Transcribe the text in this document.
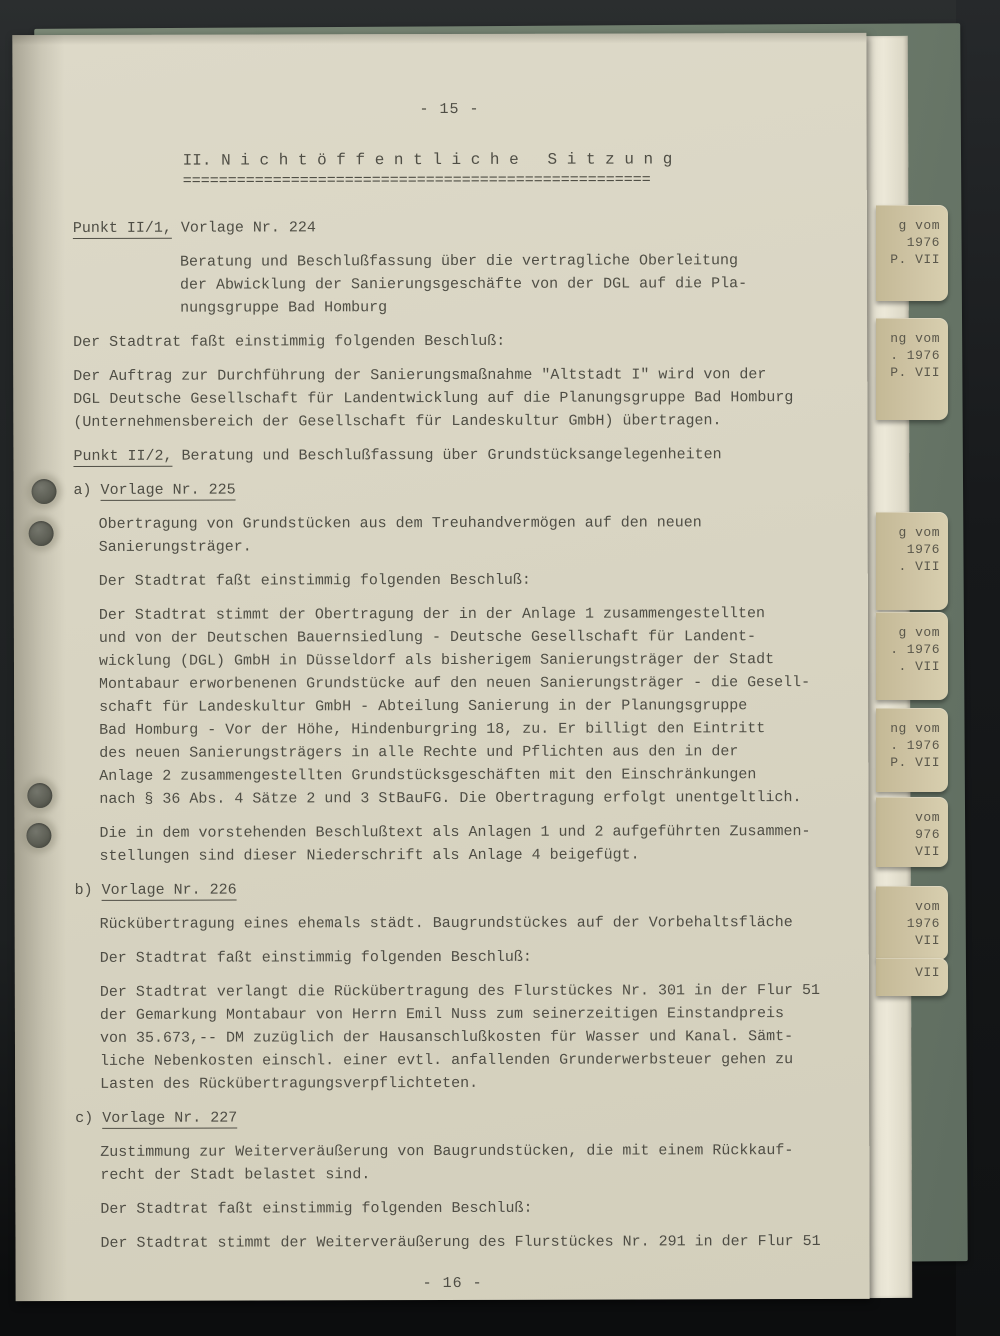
g vom
1976
P. VII
ng vom
. 1976
P. VII
g vom
1976
. VII
g vom
. 1976
. VII
ng vom
. 1976
P. VII
vom
976
VII
vom
1976
VII
VII
- 15 -
II. N i c h t ö f f e n t l i c h e   S i t z u n g
====================================================
Punkt II/1, Vorlage Nr. 224
Beratung und Beschlußfassung über die vertragliche Oberleitung
der Abwicklung der Sanierungsgeschäfte von der DGL auf die Pla-
nungsgruppe Bad Homburg
Der Stadtrat faßt einstimmig folgenden Beschluß:
Der Auftrag zur Durchführung der Sanierungsmaßnahme "Altstadt I" wird von der
DGL Deutsche Gesellschaft für Landentwicklung auf die Planungsgruppe Bad Homburg
(Unternehmensbereich der Gesellschaft für Landeskultur GmbH) übertragen.
Punkt II/2, Beratung und Beschlußfassung über Grundstücksangelegenheiten
a) Vorlage Nr. 225
Obertragung von Grundstücken aus dem Treuhandvermögen auf den neuen
Sanierungsträger.
Der Stadtrat faßt einstimmig folgenden Beschluß:
Der Stadtrat stimmt der Obertragung der in der Anlage 1 zusammengestellten
und von der Deutschen Bauernsiedlung - Deutsche Gesellschaft für Landent-
wicklung (DGL) GmbH in Düsseldorf als bisherigem Sanierungsträger der Stadt
Montabaur erworbenenen Grundstücke auf den neuen Sanierungsträger - die Gesell-
schaft für Landeskultur GmbH - Abteilung Sanierung in der Planungsgruppe
Bad Homburg - Vor der Höhe, Hindenburgring 18, zu. Er billigt den Eintritt
des neuen Sanierungsträgers in alle Rechte und Pflichten aus den in der
Anlage 2 zusammengestellten Grundstücksgeschäften mit den Einschränkungen
nach § 36 Abs. 4 Sätze 2 und 3 StBauFG. Die Obertragung erfolgt unentgeltlich.
Die in dem vorstehenden Beschlußtext als Anlagen 1 und 2 aufgeführten Zusammen-
stellungen sind dieser Niederschrift als Anlage 4 beigefügt.
b) Vorlage Nr. 226
Rückübertragung eines ehemals städt. Baugrundstückes auf der Vorbehaltsfläche
Der Stadtrat faßt einstimmig folgenden Beschluß:
Der Stadtrat verlangt die Rückübertragung des Flurstückes Nr. 301 in der Flur 51
der Gemarkung Montabaur von Herrn Emil Nuss zum seinerzeitigen Einstandpreis
von 35.673,-- DM zuzüglich der Hausanschlußkosten für Wasser und Kanal. Sämt-
liche Nebenkosten einschl. einer evtl. anfallenden Grunderwerbsteuer gehen zu
Lasten des Rückübertragungsverpflichteten.
c) Vorlage Nr. 227
Zustimmung zur Weiterveräußerung von Baugrundstücken, die mit einem Rückkauf-
recht der Stadt belastet sind.
Der Stadtrat faßt einstimmig folgenden Beschluß:
Der Stadtrat stimmt der Weiterveräußerung des Flurstückes Nr. 291 in der Flur 51
- 16 -
